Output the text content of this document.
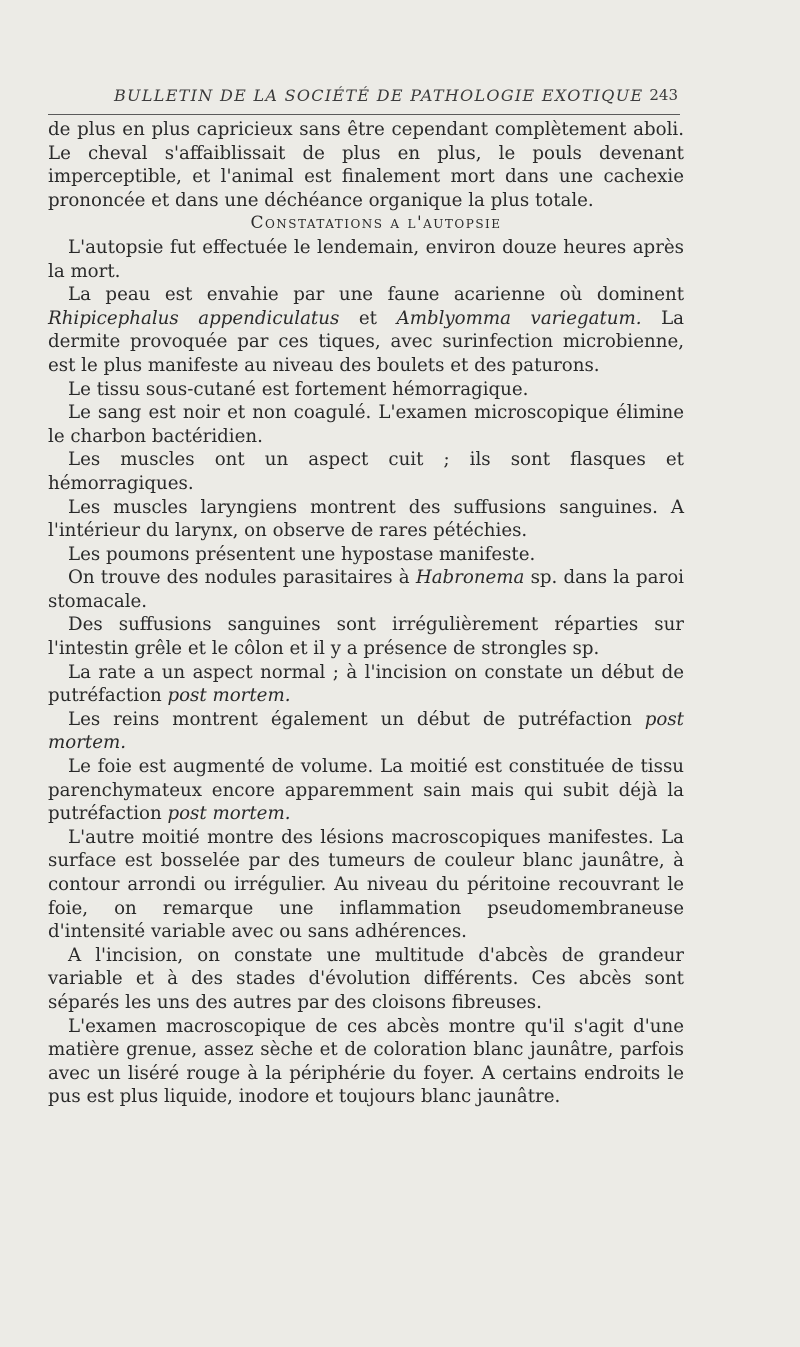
BULLETIN DE LA SOCIÉTÉ DE PATHOLOGIE EXOTIQUE 243

de plus en plus capricieux sans être cependant complètement aboli. Le cheval s'affaiblissait de plus en plus, le pouls devenant imperceptible, et l'animal est finalement mort dans une cachexie prononcée et dans une déchéance organique la plus totale.

Constatations a l'autopsie

L'autopsie fut effectuée le lendemain, environ douze heures après la mort.

La peau est envahie par une faune acarienne où dominent Rhipicephalus appendiculatus et Amblyomma variegatum. La dermite provoquée par ces tiques, avec surinfection microbienne, est le plus manifeste au niveau des boulets et des paturons.

Le tissu sous-cutané est fortement hémorragique.

Le sang est noir et non coagulé. L'examen microscopique élimine le charbon bactéridien.

Les muscles ont un aspect cuit ; ils sont flasques et hémorragiques.

Les muscles laryngiens montrent des suffusions sanguines. A l'intérieur du larynx, on observe de rares pétéchies.

Les poumons présentent une hypostase manifeste.

On trouve des nodules parasitaires à Habronema sp. dans la paroi stomacale.

Des suffusions sanguines sont irrégulièrement réparties sur l'intestin grêle et le côlon et il y a présence de strongles sp.

La rate a un aspect normal ; à l'incision on constate un début de putréfaction post mortem.

Les reins montrent également un début de putréfaction post mortem.

Le foie est augmenté de volume. La moitié est constituée de tissu parenchymateux encore apparemment sain mais qui subit déjà la putréfaction post mortem.

L'autre moitié montre des lésions macroscopiques manifestes. La surface est bosselée par des tumeurs de couleur blanc jaunâtre, à contour arrondi ou irrégulier. Au niveau du péritoine recouvrant le foie, on remarque une inflammation pseudomembraneuse d'intensité variable avec ou sans adhérences.

A l'incision, on constate une multitude d'abcès de grandeur variable et à des stades d'évolution différents. Ces abcès sont séparés les uns des autres par des cloisons fibreuses.

L'examen macroscopique de ces abcès montre qu'il s'agit d'une matière grenue, assez sèche et de coloration blanc jaunâtre, parfois avec un liséré rouge à la périphérie du foyer. A certains endroits le pus est plus liquide, inodore et toujours blanc jaunâtre.
